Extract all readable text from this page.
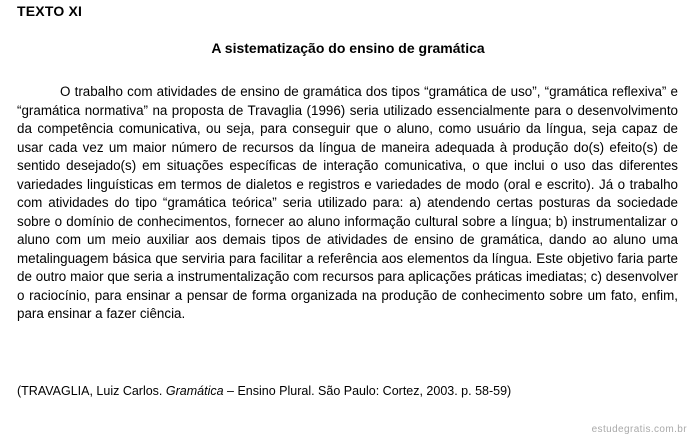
TEXTO XI
A sistematização do ensino de gramática

O trabalho com atividades de ensino de gramática dos tipos “gramática de uso”, “gramática reflexiva” e “gramática normativa” na proposta de Travaglia (1996) seria utilizado essencialmente para o desenvolvimento da competência comunicativa, ou seja, para conseguir que o aluno, como usuário da língua, seja capaz de usar cada vez um maior número de recursos da língua de maneira adequada à produção do(s) efeito(s) de sentido desejado(s) em situações específicas de interação comunicativa, o que inclui o uso das diferentes variedades linguísticas em termos de dialetos e registros e variedades de modo (oral e escrito). Já o trabalho com atividades do tipo “gramática teórica” seria utilizado para: a) atendendo certas posturas da sociedade sobre o domínio de conhecimentos, fornecer ao aluno informação cultural sobre a língua; b) instrumentalizar o aluno com um meio auxiliar aos demais tipos de atividades de ensino de gramática, dando ao aluno uma metalinguagem básica que serviria para facilitar a referência aos elementos da língua. Este objetivo faria parte de outro maior que seria a instrumentalização com recursos para aplicações práticas imediatas; c) desenvolver o raciocínio, para ensinar a pensar de forma organizada na produção de conhecimento sobre um fato, enfim, para ensinar a fazer ciência.

(TRAVAGLIA, Luiz Carlos. Gramática – Ensino Plural. São Paulo: Cortez, 2003. p. 58-59)
estudegratis.com.br
